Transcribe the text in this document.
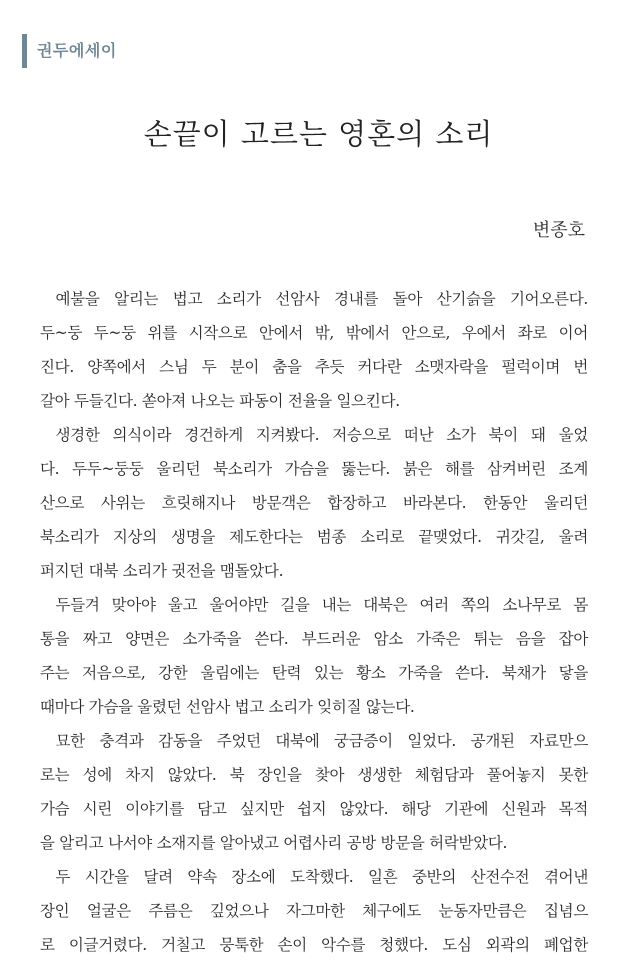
권두에세이
손끝이 고르는 영혼의 소리
변종호

예불을 알리는 법고 소리가 선암사 경내를 돌아 산기슭을 기어오른다.
두~둥 두~둥 위를 시작으로 안에서 밖, 밖에서 안으로, 우에서 좌로 이어
진다. 양쪽에서 스님 두 분이 춤을 추듯 커다란 소맷자락을 펄럭이며 번
갈아 두들긴다. 쏟아져 나오는 파동이 전율을 일으킨다.

생경한 의식이라 경건하게 지켜봤다. 저승으로 떠난 소가 북이 돼 울었
다. 두두~둥둥 울리던 북소리가 가슴을 뚫는다. 붉은 해를 삼켜버린 조계
산으로 사위는 흐릿해지나 방문객은 합장하고 바라본다. 한동안 울리던
북소리가 지상의 생명을 제도한다는 범종 소리로 끝맺었다. 귀갓길, 울려
퍼지던 대북 소리가 귓전을 맴돌았다.

두들겨 맞아야 울고 울어야만 길을 내는 대북은 여러 쪽의 소나무로 몸
통을 짜고 양면은 소가죽을 쓴다. 부드러운 암소 가죽은 튀는 음을 잡아
주는 저음으로, 강한 울림에는 탄력 있는 황소 가죽을 쓴다. 북채가 닿을
때마다 가슴을 울렸던 선암사 법고 소리가 잊히질 않는다.

묘한 충격과 감동을 주었던 대북에 궁금증이 일었다. 공개된 자료만으
로는 성에 차지 않았다. 북 장인을 찾아 생생한 체험담과 풀어놓지 못한
가슴 시린 이야기를 담고 싶지만 쉽지 않았다. 해당 기관에 신원과 목적
을 알리고 나서야 소재지를 알아냈고 어렵사리 공방 방문을 허락받았다.

두 시간을 달려 약속 장소에 도착했다. 일흔 중반의 산전수전 겪어낸
장인 얼굴은 주름은 깊었으나 자그마한 체구에도 눈동자만큼은 집념으
로 이글거렸다. 거칠고 뭉툭한 손이 악수를 청했다. 도심 외곽의 폐업한
